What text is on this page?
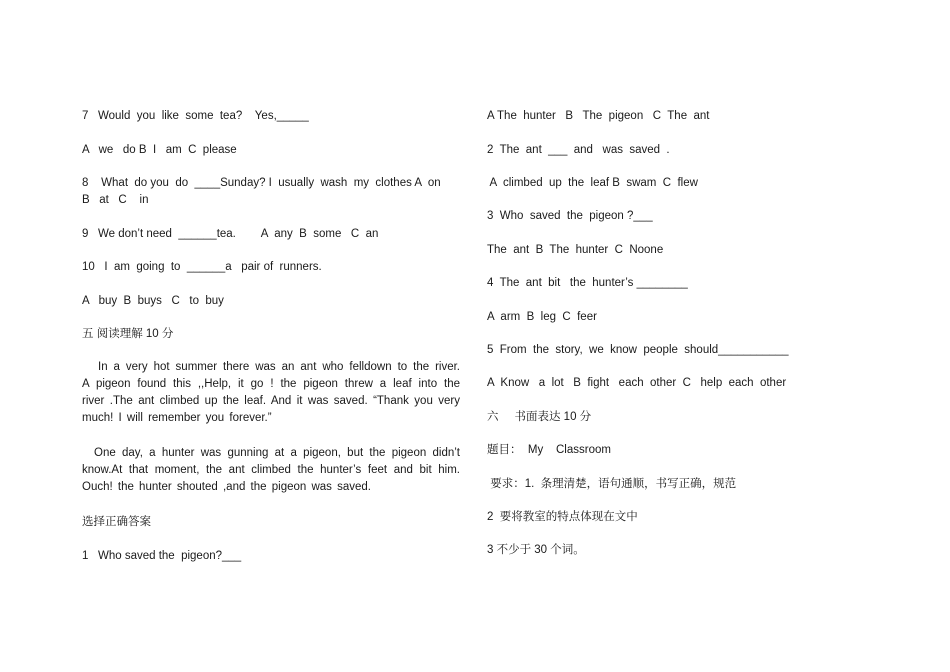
7   Would  you  like  some  tea?    Yes,_____
A   we   do B  I   am  C  please
8    What  do you  do  ____Sunday? I  usually  wash  my  clothes A  on
B   at   C    in
9   We don’t need  ______tea.        A  any  B  some   C  an
10   I  am  going  to  ______a   pair of  runners.
A   buy  B  buys   C   to  buy
五 阅读理解 10 分
In a very hot summer there was an ant who felldown to the river. A pigeon found this ,,Help, it go ! the pigeon threw a leaf into the river .The ant climbed up the leaf. And it was saved. “Thank you very much! I will remember you forever.”
One day, a hunter was gunning at a pigeon, but the pigeon didn’t know.At that moment, the ant climbed the hunter’s feet and bit him. Ouch! the hunter shouted ,and the pigeon was saved.
选择正确答案
1   Who saved the  pigeon?___
A The  hunter   B   The  pigeon   C  The  ant
2  The  ant  ___  and   was  saved  .
A  climbed  up  the  leaf B  swam  C  flew
3  Who  saved  the  pigeon ?___
The  ant  B  The  hunter  C  Noone
4  The  ant  bit   the  hunter’s ________
A  arm  B  leg  C  feer
5  From  the  story,  we  know  people  should___________
A  Know   a  lot   B  fight   each  other  C   help  each  other
六     书面表达 10 分
题目：  My    Classroom
要求：1.  条理清楚，语句通顺，书写正确，规范
2  要将教室的特点体现在文中
3 不少于 30 个词。
